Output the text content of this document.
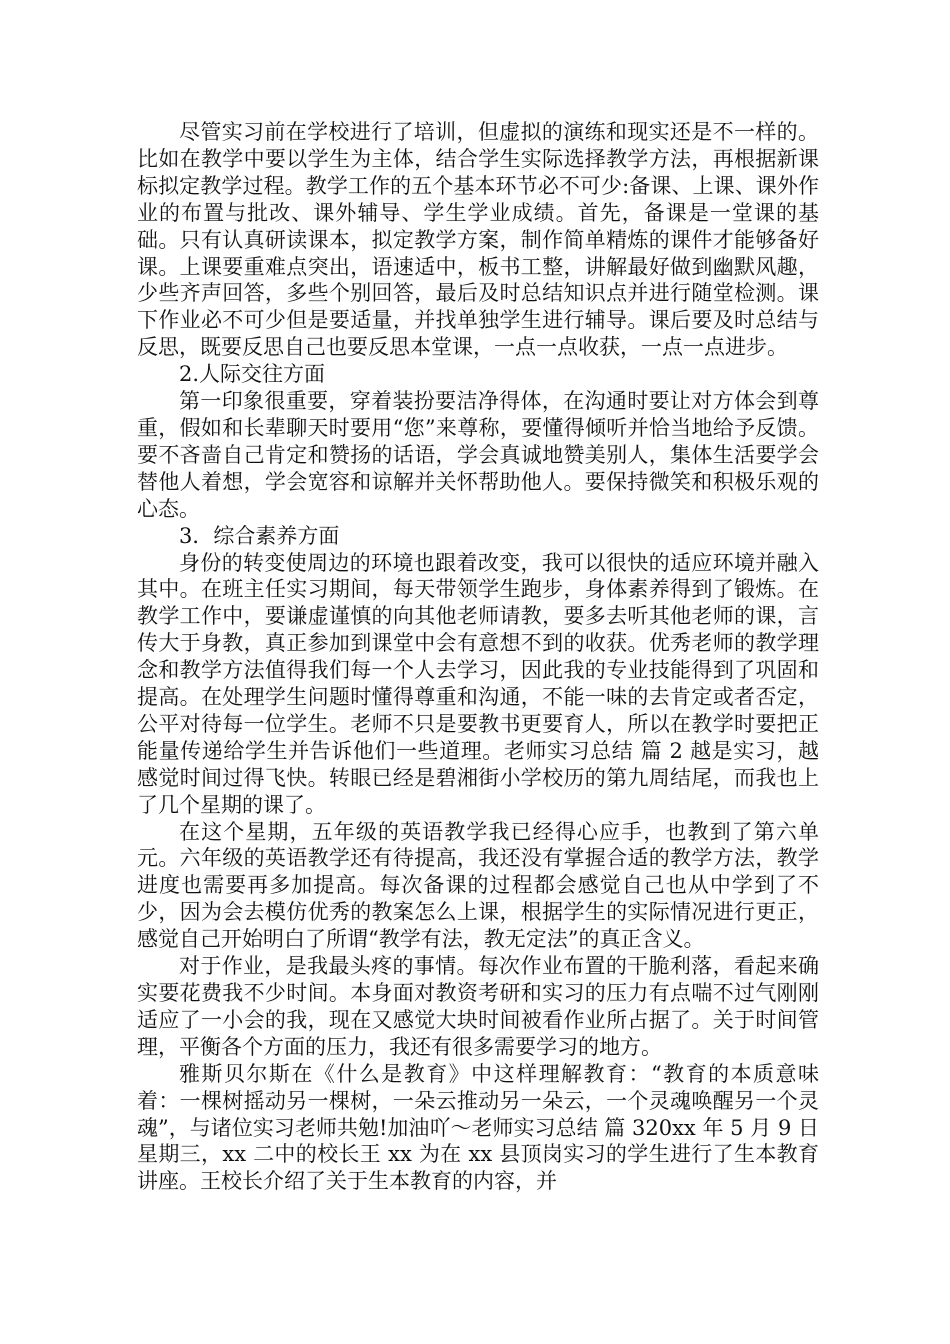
尽管实习前在学校进行了培训，但虚拟的演练和现实还是不一样的。比如在教学中要以学生为主体，结合学生实际选择教学方法，再根据新课标拟定教学过程。教学工作的五个基本环节必不可少:备课、上课、课外作业的布置与批改、课外辅导、学生学业成绩。首先，备课是一堂课的基础。只有认真研读课本，拟定教学方案，制作简单精炼的课件才能够备好课。上课要重难点突出，语速适中，板书工整，讲解最好做到幽默风趣，少些齐声回答，多些个别回答，最后及时总结知识点并进行随堂检测。课下作业必不可少但是要适量，并找单独学生进行辅导。课后要及时总结与反思，既要反思自己也要反思本堂课，一点一点收获，一点一点进步。

2.人际交往方面

第一印象很重要，穿着装扮要洁净得体，在沟通时要让对方体会到尊重，假如和长辈聊天时要用“您”来尊称，要懂得倾听并恰当地给予反馈。要不吝啬自己肯定和赞扬的话语，学会真诚地赞美别人，集体生活要学会替他人着想，学会宽容和谅解并关怀帮助他人。要保持微笑和积极乐观的心态。

3．综合素养方面

身份的转变使周边的环境也跟着改变，我可以很快的适应环境并融入其中。在班主任实习期间，每天带领学生跑步，身体素养得到了锻炼。在教学工作中，要谦虚谨慎的向其他老师请教，要多去听其他老师的课，言传大于身教，真正参加到课堂中会有意想不到的收获。优秀老师的教学理念和教学方法值得我们每一个人去学习，因此我的专业技能得到了巩固和提高。在处理学生问题时懂得尊重和沟通，不能一味的去肯定或者否定，公平对待每一位学生。老师不只是要教书更要育人，所以在教学时要把正能量传递给学生并告诉他们一些道理。老师实习总结 篇 2 越是实习，越感觉时间过得飞快。转眼已经是碧湘街小学校历的第九周结尾，而我也上了几个星期的课了。

在这个星期，五年级的英语教学我已经得心应手，也教到了第六单元。六年级的英语教学还有待提高，我还没有掌握合适的教学方法，教学进度也需要再多加提高。每次备课的过程都会感觉自己也从中学到了不少，因为会去模仿优秀的教案怎么上课，根据学生的实际情况进行更正，感觉自己开始明白了所谓“教学有法，教无定法”的真正含义。

对于作业，是我最头疼的事情。每次作业布置的干脆利落，看起来确实要花费我不少时间。本身面对教资考研和实习的压力有点喘不过气刚刚适应了一小会的我，现在又感觉大块时间被看作业所占据了。关于时间管理，平衡各个方面的压力，我还有很多需要学习的地方。

雅斯贝尔斯在《什么是教育》中这样理解教育：“教育的本质意味着：一棵树摇动另一棵树，一朵云推动另一朵云，一个灵魂唤醒另一个灵魂”，与诸位实习老师共勉!加油吖～老师实习总结 篇 320xx 年 5 月 9 日星期三，xx 二中的校长王 xx 为在 xx 县顶岗实习的学生进行了生本教育讲座。王校长介绍了关于生本教育的内容，并
